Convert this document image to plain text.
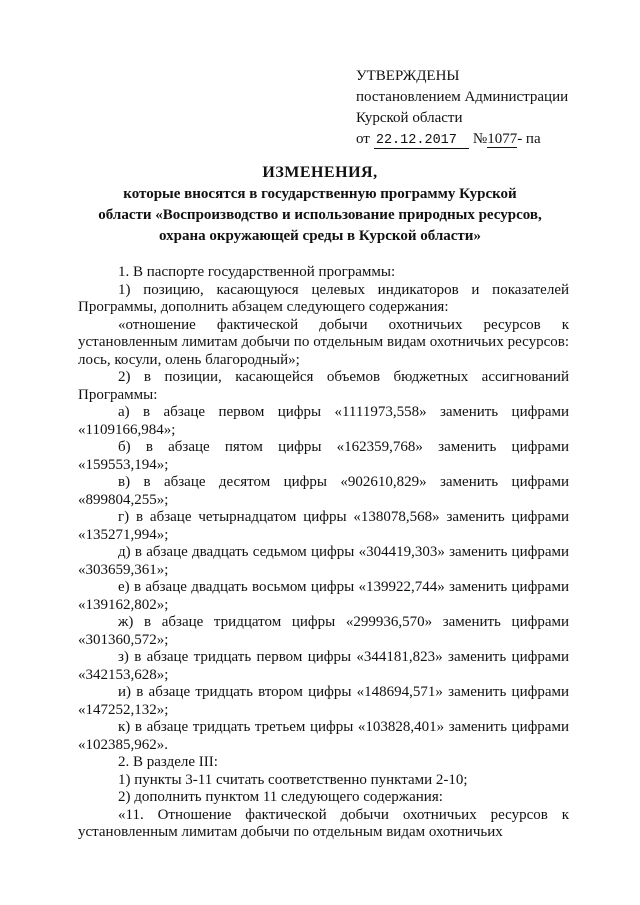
УТВЕРЖДЕНЫ
постановлением Администрации
Курской области
от 22.12.2017 №1077- па
ИЗМЕНЕНИЯ,
которые вносятся в государственную программу Курской
области «Воспроизводство и использование природных ресурсов,
охрана окружающей среды в Курской области»
1. В паспорте государственной программы:
1) позицию, касающуюся целевых индикаторов и показателей Программы, дополнить абзацем следующего содержания:
«отношение фактической добычи охотничьих ресурсов к установленным лимитам добычи по отдельным видам охотничьих ресурсов: лось, косули, олень благородный»;
2) в позиции, касающейся объемов бюджетных ассигнований Программы:
а) в абзаце первом цифры «1111973,558» заменить цифрами «1109166,984»;
б) в абзаце пятом цифры «162359,768» заменить цифрами «159553,194»;
в) в абзаце десятом цифры «902610,829» заменить цифрами «899804,255»;
г) в абзаце четырнадцатом цифры «138078,568» заменить цифрами «135271,994»;
д) в абзаце двадцать седьмом цифры «304419,303» заменить цифрами «303659,361»;
е) в абзаце двадцать восьмом цифры «139922,744» заменить цифрами «139162,802»;
ж) в абзаце тридцатом цифры «299936,570» заменить цифрами «301360,572»;
з) в абзаце тридцать первом цифры «344181,823» заменить цифрами «342153,628»;
и) в абзаце тридцать втором цифры «148694,571» заменить цифрами «147252,132»;
к) в абзаце тридцать третьем цифры «103828,401» заменить цифрами «102385,962».
2. В разделе III:
1) пункты 3-11 считать соответственно пунктами 2-10;
2) дополнить пунктом 11 следующего содержания:
«11. Отношение фактической добычи охотничьих ресурсов к установленным лимитам добычи по отдельным видам охотничьих
